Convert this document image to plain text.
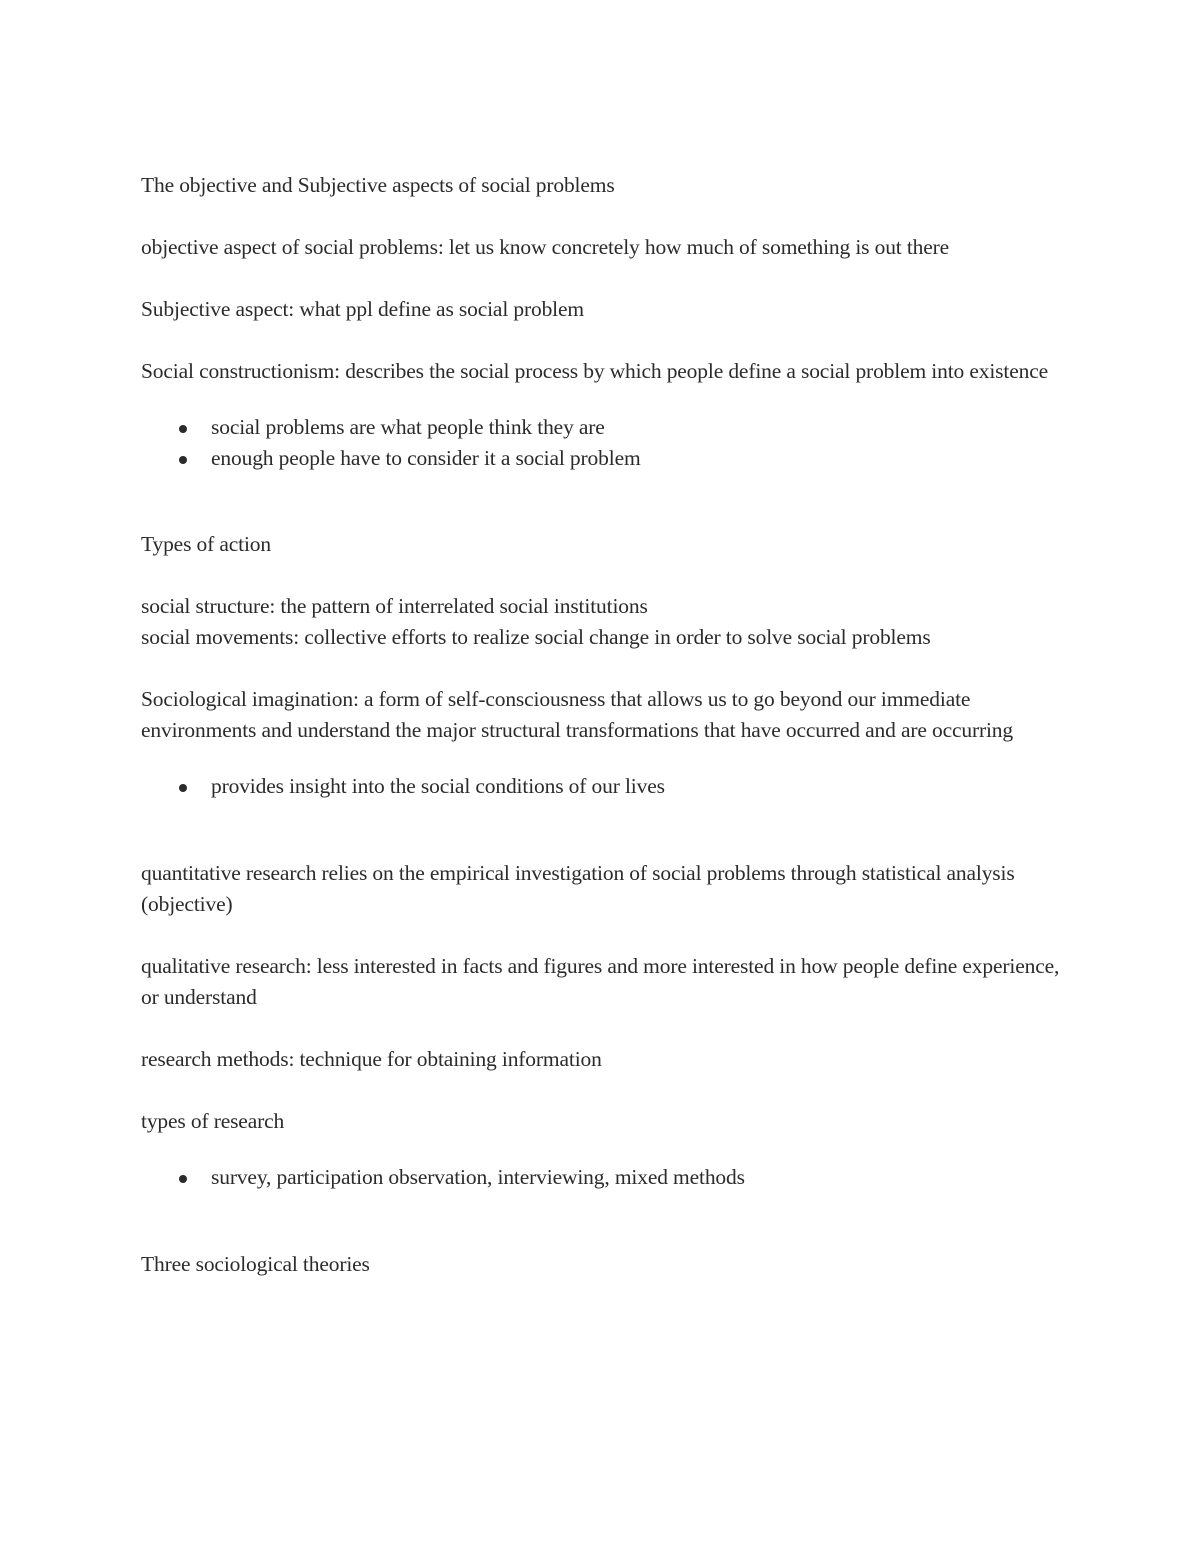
The objective and Subjective aspects of social problems

objective aspect of social problems: let us know concretely how much of something is out there

Subjective aspect: what ppl define as social problem

Social constructionism: describes the social process by which people define a social problem into existence

social problems are what people think they are
enough people have to consider it a social problem

Types of action

social structure: the pattern of interrelated social institutions

social movements: collective efforts to realize social change in order to solve social problems

Sociological imagination: a form of self-consciousness that allows us to go beyond our immediate environments and understand the major structural transformations that have occurred and are occurring

provides insight into the social conditions of our lives

quantitative research relies on the empirical investigation of social problems through statistical analysis (objective)

qualitative research: less interested in facts and figures and more interested in how people define experience, or understand

research methods: technique for obtaining information

types of research

survey, participation observation, interviewing, mixed methods

Three sociological theories
